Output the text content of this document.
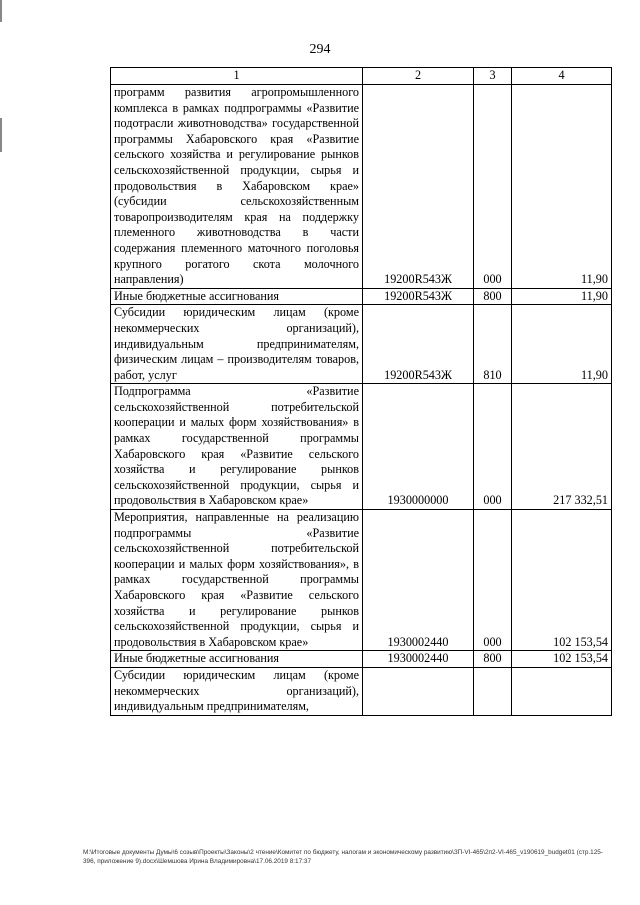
294
1	2	3	4
программ развития агропромышленного комплекса в рамках подпрограммы «Развитие подотрасли животноводства» государственной программы Хабаровского края «Развитие сельского хозяйства и регулирование рынков сельскохозяйственной продукции, сырья и продовольствия в Хабаровском крае» (субсидии сельскохозяйственным товаропроизводителям края на поддержку племенного животноводства в части содержания племенного маточного поголовья крупного рогатого скота молочного направления)	19200R543Ж	000	11,90
Иные бюджетные ассигнования	19200R543Ж	800	11,90
Субсидии юридическим лицам (кроме некоммерческих организаций), индивидуальным предпринимателям, физическим лицам – производителям товаров, работ, услуг	19200R543Ж	810	11,90
Подпрограмма «Развитие сельскохозяйственной потребительской кооперации и малых форм хозяйствования» в рамках государственной программы Хабаровского края «Развитие сельского хозяйства и регулирование рынков сельскохозяйственной продукции, сырья и продовольствия в Хабаровском крае»	1930000000	000	217 332,51
Мероприятия, направленные на реализацию подпрограммы «Развитие сельскохозяйственной потребительской кооперации и малых форм хозяйствования», в рамках государственной программы Хабаровского края «Развитие сельского хозяйства и регулирование рынков сельскохозяйственной продукции, сырья и продовольствия в Хабаровском крае»	1930002440	000	102 153,54
Иные бюджетные ассигнования	1930002440	800	102 153,54
Субсидии юридическим лицам (кроме некоммерческих организаций), индивидуальным предпринимателям,			
M:\Итоговые документы Думы\6 созыв\Проекты\Законы\2 чтение\Комитет по бюджету, налогам и экономическому развитию\ЗП-VI-465\2п2-VI-465_v190619_budget01 (стр.125-396, приложение 9).docx\Шемшова Ирина Владимировна\17.06.2019 8:17:37
